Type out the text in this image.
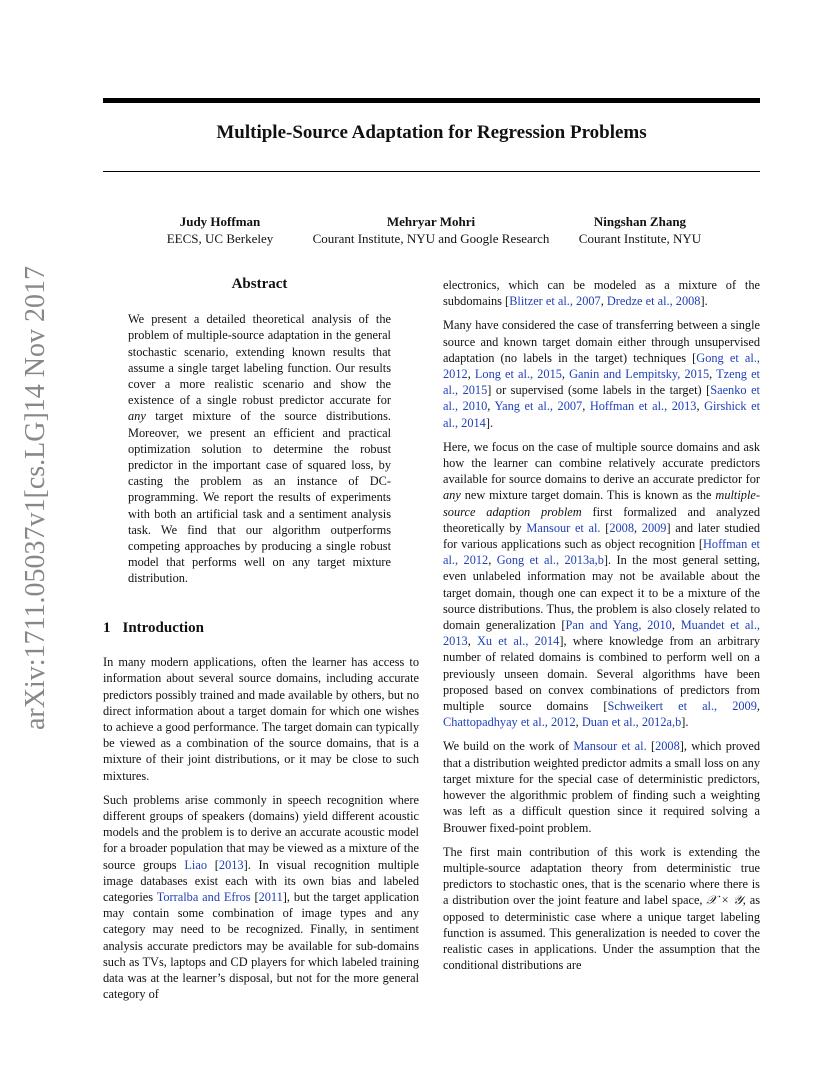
arXiv:1711.05037v1
[cs.LG]
14 Nov 2017
Multiple-Source Adaptation for Regression Problems
Judy Hoffman
EECS, UC Berkeley
Mehryar Mohri
Courant Institute, NYU and Google Research
Ningshan Zhang
Courant Institute, NYU
Abstract

We present a detailed theoretical analysis of the problem of multiple-source adaptation in the general stochastic scenario, extending known results that assume a single target labeling function. Our results cover a more realistic scenario and show the existence of a single robust predictor accurate for any target mixture of the source distributions. Moreover, we present an efficient and practical optimization solution to determine the robust predictor in the important case of squared loss, by casting the problem as an instance of DC-programming. We report the results of experiments with both an artificial task and a sentiment analysis task. We find that our algorithm outperforms competing approaches by producing a single robust model that performs well on any target mixture distribution.

1 Introduction

In many modern applications, often the learner has access to information about several source domains, including accurate predictors possibly trained and made available by others, but no direct information about a target domain for which one wishes to achieve a good performance. The target domain can typically be viewed as a combination of the source domains, that is a mixture of their joint distributions, or it may be close to such mixtures.

Such problems arise commonly in speech recognition where different groups of speakers (domains) yield different acoustic models and the problem is to derive an accurate acoustic model for a broader population that may be viewed as a mixture of the source groups Liao [2013]. In visual recognition multiple image databases exist each with its own bias and labeled categories Torralba and Efros [2011], but the target application may contain some combination of image types and any category may need to be recognized. Finally, in sentiment analysis accurate predictors may be available for sub-domains such as TVs, laptops and CD players for which labeled training data was at the learner’s disposal, but not for the more general category of

electronics, which can be modeled as a mixture of the subdomains [Blitzer et al., 2007, Dredze et al., 2008].

Many have considered the case of transferring between a single source and known target domain either through unsupervised adaptation (no labels in the target) techniques [Gong et al., 2012, Long et al., 2015, Ganin and Lempitsky, 2015, Tzeng et al., 2015] or supervised (some labels in the target) [Saenko et al., 2010, Yang et al., 2007, Hoffman et al., 2013, Girshick et al., 2014].

Here, we focus on the case of multiple source domains and ask how the learner can combine relatively accurate predictors available for source domains to derive an accurate predictor for any new mixture target domain. This is known as the multiple-source adaption problem first formalized and analyzed theoretically by Mansour et al. [2008, 2009] and later studied for various applications such as object recognition [Hoffman et al., 2012, Gong et al., 2013a,b]. In the most general setting, even unlabeled information may not be available about the target domain, though one can expect it to be a mixture of the source distributions. Thus, the problem is also closely related to domain generalization [Pan and Yang, 2010, Muandet et al., 2013, Xu et al., 2014], where knowledge from an arbitrary number of related domains is combined to perform well on a previously unseen domain. Several algorithms have been proposed based on convex combinations of predictors from multiple source domains [Schweikert et al., 2009, Chattopadhyay et al., 2012, Duan et al., 2012a,b].

We build on the work of Mansour et al. [2008], which proved that a distribution weighted predictor admits a small loss on any target mixture for the special case of deterministic predictors, however the algorithmic problem of finding such a weighting was left as a difficult question since it required solving a Brouwer fixed-point problem.

The first main contribution of this work is extending the multiple-source adaptation theory from deterministic true predictors to stochastic ones, that is the scenario where there is a distribution over the joint feature and label space, 𝒳 × 𝒴, as opposed to deterministic case where a unique target labeling function is assumed. This generalization is needed to cover the realistic cases in applications. Under the assumption that the conditional distributions are
